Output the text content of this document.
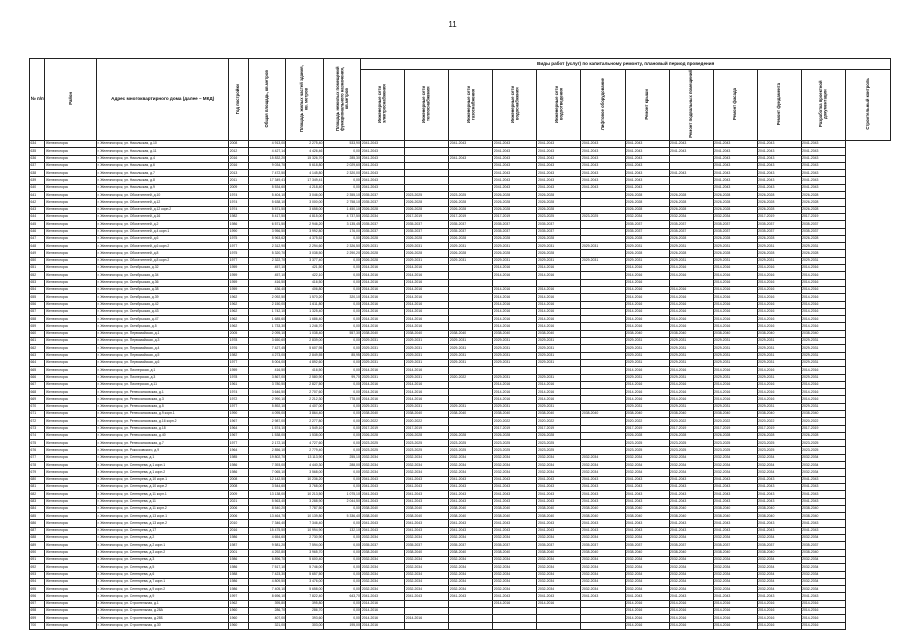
11
№ п/п	Район	Адрес многоквартирного дома (далее – МКД)	Год постройки	Общая площадь, кв.метров	Площадь жилых частей здания, кв. метров	Площадь нежилых помещений функционального назначения, кв.метров	Виды работ (услуг) по капитальному ремонту, плановый период проведения											
							Инженерные сети электроснабжения	Инженерные сети теплоснабжения	Инженерные сети газоснабжения	Инженерные сети водоснабжения	Инженерные сети водоотведения	Лифтовое оборудование	Ремонт крыши	Ремонт подвальных помещений	Ремонт фасада	Ремонт фундамента	Разработка проектной документации	Строительный контроль
634	Железногорск	г. Железногорск, ул. Никольская, д.10	2008	4 913,00	2 275,40	533,90	2041-2043		2041-2043	2041-2043	2041-2043	2041-2043	2041-2043	2041-2043	2041-2043	2041-2043	2041-2043	
635	Железногорск	г. Железногорск, ул. Никольская, д.11	2012	4 427,14	4 426,46	0,00	2041-2043			2041-2043	2041-2043	2041-2043	2041-2043	2041-2043	2041-2043	2041-2043	2041-2043	
636	Железногорск	г. Железногорск, ул. Никольская, д.4	2016	15 832,20	15 326,70	285,30	2041-2043		2041-2043	2041-2043	2041-2043	2041-2043	2041-2043		2041-2043	2041-2043	2041-2043	
637	Железногорск	г. Железногорск, ул. Никольская, д.6	2016	9 034,70	5 618,80	2 029,60	2041-2043			2041-2043	2041-2043	2041-2043	2041-2043		2041-2043	2041-2043	2041-2043	
638	Железногорск	г. Железногорск, ул. Никольская, д.7	2013	7 472,50	4 145,80	2 320,00	2041-2043			2041-2043	2041-2043	2041-2043	2041-2043	2041-2043	2041-2043	2041-2043	2041-2043	
639	Железногорск	г. Железногорск, ул. Никольская, д.8	2011	17 349,41	17 349,41	0,00	2041-2043			2041-2043	2041-2043	2041-2043	2041-2043		2041-2043	2041-2043	2041-2043	
640	Железногорск	г. Железногорск, ул. Никольская, д.9	2009	5 534,60	4 218,40	0,00	2041-2043			2041-2043	2041-2043	2041-2043	2041-2043		2041-2043	2041-2043	2041-2043	
641	Железногорск	г. Железногорск, ул. Обогатителей, д.10	1974	5 404,10	3 046,00	2 355,10	2035-2037	2023-2025	2023-2025	2026-2028	2026-2028		2026-2028	2026-2028	2026-2028	2026-2028	2026-2028	
642	Железногорск	г. Железногорск, ул. Обогатителей, д.12	1974	5 638,10	3 000,00	2 758,10	2035-2037	2026-2028	2026-2028	2026-2028	2026-2028		2026-2028	2026-2028	2026-2028	2026-2028	2026-2028	
643	Железногорск	г. Железногорск, ул. Обогатителей, д.12 корп.2	1974	5 571,50	3 658,00	1 450,10	2026-2028	2026-2028	2026-2028	2026-2028	2026-2028		2026-2028	2026-2028	2026-2028	2026-2028	2026-2028	
644	Железногорск	г. Железногорск, ул. Обогатителей, д.16	1982	5 417,50	4 815,00	4 737,50	2032-2034	2017-2019	2017-2019	2017-2019	2023-2025	2023-2025	2032-2034	2032-2034	2032-2034	2017-2019	2017-2019	
645	Железногорск	г. Железногорск, ул. Обогатителей, д.2	1986	6 571,50	2 946,20	3 135,45	2035-2037	2035-2037	2035-2037	2035-2037	2035-2037		2035-2037	2035-2037	2035-2037	2035-2037	2035-2037	
646	Железногорск	г. Железногорск, ул. Обогатителей, д.4 корп.1	1990	3 956,50	3 992,80	176,00	2035-2037	2035-2037	2035-2037	2035-2037	2035-2037		2035-2037	2035-2037	2035-2037	2035-2037	2035-2037	
647	Железногорск	г. Железногорск, ул. Обогатителей, д.6	1975	5 963,62	4 375,52	0,00	2026-2028	2026-2028	2026-2028	2026-2028	2026-2028		2026-2028	2026-2028	2026-2028	2026-2028	2026-2028	
648	Железногорск	г. Железногорск, ул. Обогатителей, д.6 корп.2	1977	2 312,90	2 294,60	2 326,50	2029-2031	2029-2031	2029-2031	2029-2031	2029-2031	2029-2031	2029-2031	2029-2031	2029-2031	2029-2031	2029-2031	
649	Железногорск	г. Железногорск, ул. Обогатителей, д.8	1975	5 320,70	3 038,50	2 290,20	2026-2028	2026-2028	2026-2028	2026-2028	2026-2028		2026-2028	2026-2028	2026-2028	2026-2028	2026-2028	
650	Железногорск	г. Железногорск, ул. Обогатителей, д.8 корп.2	1977	2 322,70	3 377,40	0,00	2026-2028	2029-2031	2029-2031	2029-2031	2029-2031	2029-2031	2029-2031	2029-2031	2029-2031	2029-2031	2029-2031	
651	Железногорск	г. Железногорск, ул. Октябрьская, д.32	1959	457,10	421,50	0,00	2014-2016	2014-2016		2014-2016	2014-2016		2014-2016	2014-2016	2014-2016	2014-2016	2014-2016	
652	Железногорск	г. Железногорск, ул. Октябрьская, д.34	1959	457,10	422,10	0,00	2014-2016	2014-2016		2014-2016	2014-2016		2014-2016	2014-2016	2014-2016	2014-2016	2014-2016	
653	Железногорск	г. Железногорск, ул. Октябрьская, д.36	1959	416,50	416,50	0,00	2014-2016	2014-2016					2014-2016		2014-2016	2014-2016	2014-2016	
654	Железногорск	г. Железногорск, ул. Октябрьская, д.38	1959	436,40	406,80	0,00	2014-2016	2014-2016		2014-2016	2014-2016		2014-2016	2014-2016	2014-2016	2014-2016	2014-2016	
655	Железногорск	г. Железногорск, ул. Октябрьская, д.39	1962	2 092,50	1 570,20	320,10	2014-2016	2014-2016		2014-2016	2014-2016		2014-2016	2014-2016	2014-2016	2014-2016	2014-2016	
656	Железногорск	г. Железногорск, ул. Октябрьская, д.42	1962	2 150,00	1 611,80	0,00	2014-2016	2014-2016		2014-2016	2014-2016		2014-2016	2014-2016	2014-2016	2014-2016	2014-2016	
657	Железногорск	г. Железногорск, ул. Октябрьская, д.43	1962	1 742,10	1 325,40	0,00	2014-2016	2014-2016		2014-2016	2014-2016		2014-2016	2014-2016	2014-2016	2014-2016	2014-2016	
658	Железногорск	г. Железногорск, ул. Октябрьская, д.47	1962	1 685,60	1 686,40	0,00	2014-2016	2014-2016		2014-2016	2014-2016		2014-2016	2014-2016	2014-2016	2014-2016	2014-2016	
659	Железногорск	г. Железногорск, ул. Октябрьская, д.5	1962	1 733,30	1 246,70	0,00	2014-2016	2014-2016		2014-2016	2014-2016		2014-2016	2014-2016	2014-2016	2014-2016	2014-2016	
660	Железногорск	г. Железногорск, ул. Первомайская, д.1	2005	2 095,10	1 038,40	557,30	2038-2040	2038-2040	2038-2040	2038-2040	2038-2040		2038-2040	2038-2040	2038-2040	2038-2040	2038-2040	
661	Железногорск	г. Железногорск, ул. Первомайская, д.3	1978	3 650,60	2 839,00	0,00	2029-2031	2029-2031	2029-2031	2029-2031	2029-2031		2029-2031	2029-2031	2029-2031	2029-2031	2029-2031	
662	Железногорск	г. Железногорск, ул. Первомайская, д.4	1976	7 427,45	5 607,95	0,00	2029-2031	2029-2031	2029-2031	2029-2031	2029-2031		2029-2031	2029-2031	2029-2031	2029-2031	2029-2031	
663	Железногорск	г. Железногорск, ул. Первомайская, д.5	1982	4 273,00	2 849,55	85,95	2029-2031	2029-2031	2029-2031	2029-2031	2029-2031		2029-2031	2029-2031	2029-2031	2029-2031	2029-2031	
664	Железногорск	г. Железногорск, ул. Первомайская, д.6	1977	5 004,00	4 892,60	0,00	2029-2031	2029-2031	2029-2031	2029-2031	2029-2031		2029-2031	2029-2031	2029-2031	2029-2031	2029-2031	
665	Железногорск	г. Железногорск, ул. Пионерская, д.1	1959	416,50	416,50	0,00	2014-2016	2014-2016					2014-2016	2014-2016	2014-2016	2014-2016	2014-2016	
666	Железногорск	г. Железногорск, ул. Пионерская, д.3	1978	3 867,00	2 580,90	99,70	2029-2031	2029-2031	2020-2022	2029-2031	2029-2031		2029-2031	2029-2031	2029-2031	2029-2031	2029-2031	
667	Железногорск	г. Железногорск, ул. Пионерская, д.11	1961	3 780,50	2 827,50	0,00	2014-2016	2014-2016		2014-2016	2014-2016		2014-2016	2014-2016	2014-2016	2014-2016	2014-2016	
668	Железногорск	г. Железногорск, ул. Ренессансовская, д.1	1974	3 646,50	2 707,60	0,00	2014-2016	2014-2016		2014-2016	2014-2016		2014-2016	2014-2016	2014-2016	2014-2016	2014-2016	
669	Железногорск	г. Железногорск, ул. Ренессансовская, д.3	1972	2 990,10	2 212,30	778,00	2014-2016	2014-2016		2014-2016	2014-2016		2014-2016	2014-2016	2014-2016	2014-2016	2014-2016	
670	Железногорск	г. Железногорск, ул. Ренессансовская, д.5	1977	5 892,10	4 407,00	0,00	2029-2031	2029-2031	2029-2031	2029-2031	2029-2031		2029-2031	2029-2031	2029-2031	2029-2031	2029-2031	
671	Железногорск	г. Железногорск, ул. Ренессансовская, д.9 корп.1	1990	4 095,00	3 864,40	0,00	2038-2040	2038-2040	2038-2040	2038-2040	2038-2040	2038-2040	2038-2040	2038-2040	2038-2040	2038-2040	2038-2040	
672	Железногорск	г. Железногорск, ул. Ренессансовская, д.16 корп.2	1967	2 987,00	2 277,80	0,00	2020-2022	2020-2022		2020-2022	2020-2022		2020-2022	2020-2022	2020-2022	2020-2022	2020-2022	
673	Железногорск	г. Железногорск, ул. Ренессансовская, д.18	1964	1 574,10	1 549,10	0,00	2017-2019	2017-2019		2017-2019	2017-2019		2017-2019	2017-2019	2017-2019	2017-2019	2017-2019	
674	Железногорск	г. Железногорск, ул. Ренессансовская, д.40	1967	1 538,00	1 538,00	0,00	2026-2028	2026-2028	2026-2028	2026-2028	2026-2028		2026-2028	2026-2028	2026-2028	2026-2028	2026-2028	
675	Железногорск	г. Железногорск, ул. Ренессансовская, д.7	1977	2 172,10	4 727,60	0,00	2023-2025	2023-2025	2023-2025	2023-2025	2023-2025		2023-2025	2023-2025	2023-2025	2023-2025	2023-2025	
676	Железногорск	г. Железногорск, ул. Рокоссовского, д.9	1964	2 856,10	2 779,40	0,00	2023-2025	2023-2025	2023-2025	2023-2025	2023-2025		2023-2025	2023-2025	2023-2025	2023-2025	2023-2025	
677	Железногорск	г. Железногорск, ул. Сентюрева, д.1	1985	19 802,70	13 113,90	255,10	2032-2034	2032-2034	2032-2034	2032-2034	2032-2034	2032-2034	2032-2034	2032-2034	2032-2034	2032-2034	2032-2034	
678	Железногорск	г. Железногорск, ул. Сентюрева, д.1 корп.1	1986	7 393,00	4 440,30	288,00	2032-2034	2032-2034	2032-2034	2032-2034	2032-2034	2032-2034	2032-2034	2032-2034	2032-2034	2032-2034	2032-2034	
679	Железногорск	г. Железногорск, ул. Сентюрева, д.1 корп.2	1986	7 065,10	3 568,00	0,00	2032-2034	2032-2034	2032-2034	2032-2034	2032-2034	2032-2034	2032-2034	2032-2034	2032-2034	2032-2034	2032-2034	
680	Железногорск	г. Железногорск, ул. Сентюрева, д.10 корп.1	2008	12 142,50	10 236,20	0,00	2041-2043	2041-2043	2041-2043	2041-2043	2041-2043	2041-2043	2041-2043	2041-2043	2041-2043	2041-2043	2041-2043	
681	Железногорск	г. Железногорск, ул. Сентюрева, д.10 корп.2	2008	3 544,60	3 768,00	0,00	2041-2043	2041-2043	2041-2043	2041-2043	2041-2043	2041-2043	2041-2043	2041-2043	2041-2043	2041-2043	2041-2043	
682	Железногорск	г. Железногорск, ул. Сентюрева, д.11 корп.1	2009	13 138,00	10 213,50	1 075,10	2041-2043	2041-2043	2041-2043	2041-2043	2041-2043	2041-2043	2041-2043	2041-2043	2041-2043	2041-2043	2041-2043	
683	Железногорск	г. Железногорск, ул. Сентюрева, д.11	2021	5 563,40	3 288,90	2 044,50	2041-2043	2041-2043	2041-2043	2041-2043	2041-2043	2041-2043	2041-2043	2041-2043	2041-2043	2041-2043	2041-2043	
684	Железногорск	г. Железногорск, ул. Сентюрева, д.11 корп.2	2006	8 540,20	7 787,50	0,00	2038-2040	2038-2040	2038-2040	2038-2040	2038-2040	2038-2040	2038-2040	2038-2040	2038-2040	2038-2040	2038-2040	
685	Железногорск	г. Железногорск, ул. Сентюрева, д.13 корп.1	2006	13 464,70	10 139,80	5 336,40	2038-2040	2038-2040	2038-2040	2038-2040	2038-2040	2038-2040	2038-2040	2038-2040	2038-2040	2038-2040	2038-2040	
686	Железногорск	г. Железногорск, ул. Сентюрева, д.13 корп.2	2010	7 346,40	7 346,40	0,00	2041-2043	2041-2043	2041-2043	2041-2043	2041-2043	2041-2043	2041-2043	2041-2043	2041-2043	2041-2043	2041-2043	
687	Железногорск	г. Железногорск, ул. Сентюрева, д.17	2016	15 475,50	10 994,90	132,10	2041-2043	2041-2043	2041-2043	2041-2043	2041-2043	2041-2043	2041-2043	2041-2043	2041-2043	2041-2043	2041-2043	
688	Железногорск	г. Железногорск, ул. Сентюрева, д.2	1986	4 654,60	2 730,90	0,00	2032-2034	2032-2034	2032-2034	2032-2034	2032-2034	2032-2034	2032-2034	2032-2034	2032-2034	2032-2034	2032-2034	
689	Железногорск	г. Железногорск, ул. Сентюрева, д.2 корп.1	1987	9 581,20	7 594,00	0,00	2035-2037	2035-2037	2035-2037	2035-2037	2035-2037	2035-2037	2035-2037	2035-2037	2035-2037	2035-2037	2035-2037	
690	Железногорск	г. Железногорск, ул. Сентюрева, д.3 корп.2	2001	4 292,80	3 965,70	0,00	2038-2040	2038-2040	2038-2040	2038-2040	2038-2040	2038-2040	2038-2040	2038-2040	2038-2040	2038-2040	2038-2040	
691	Железногорск	г. Железногорск, ул. Сентюрева, д.3	1986	6 896,70	5 600,40	0,00	2032-2034	2032-2034	2032-2034	2032-2034	2032-2034	2032-2034	2032-2034	2032-2034	2032-2034	2032-2034	2032-2034	
692	Железногорск	г. Железногорск, ул. Сентюрева, д.5	1986	7 517,10	5 746,00	0,00	2032-2034	2032-2034	2032-2034	2032-2034	2032-2034	2032-2034	2032-2034	2032-2034	2032-2034	2032-2034	2032-2034	
693	Железногорск	г. Железногорск, ул. Сентюрева, д.6	1988	7 423,30	5 657,50	0,00	2032-2034	2032-2034	2032-2034	2032-2034	2032-2034	2032-2034	2032-2034	2032-2034	2032-2034	2032-2034	2032-2034	
694	Железногорск	г. Железногорск, ул. Сентюрева, д.7 корп.1	1986	4 809,50	3 476,00	0,00	2032-2034	2032-2034	2032-2034	2032-2034	2032-2034	2032-2034	2032-2034	2032-2034	2032-2034	2032-2034	2032-2034	
695	Железногорск	г. Железногорск, ул. Сентюрева, д.9 корп.2	1986	7 405,10	5 658,00	0,00	2032-2034	2032-2034	2032-2034	2032-2034	2032-2034	2032-2034	2032-2034	2032-2034	2032-2034	2032-2034	2032-2034	
696	Железногорск	г. Железногорск, ул. Сентюрева, д.9	1997	8 696,10	7 822,40	643,70	2041-2043	2041-2043	2041-2043	2041-2043	2041-2043	2041-2043	2041-2043	2041-2043	2041-2043	2041-2043	2041-2043	
697	Железногорск	г. Железногорск, ул. Строительная, д.1	1962	395,80	395,80	0,00	2014-2016			2014-2016	2014-2016		2014-2016	2014-2016	2014-2016	2014-2016	2014-2016	
698	Железногорск	г. Железногорск, ул. Строительная, д.28А	1960	286,70	286,70	0,00	2014-2016						2014-2016	2014-2016	2014-2016	2014-2016	2014-2016	
699	Железногорск	г. Железногорск, ул. Строительная, д.28Б	1960	407,00	393,60	0,00	2014-2016	2014-2016					2014-2016	2014-2016	2014-2016	2014-2016	2014-2016	
700	Железногорск	г. Железногорск, ул. Строительная, д.30	1960	321,00	303,00	195,00	2014-2016						2014-2016	2014-2016	2014-2016	2014-2016	2014-2016	
